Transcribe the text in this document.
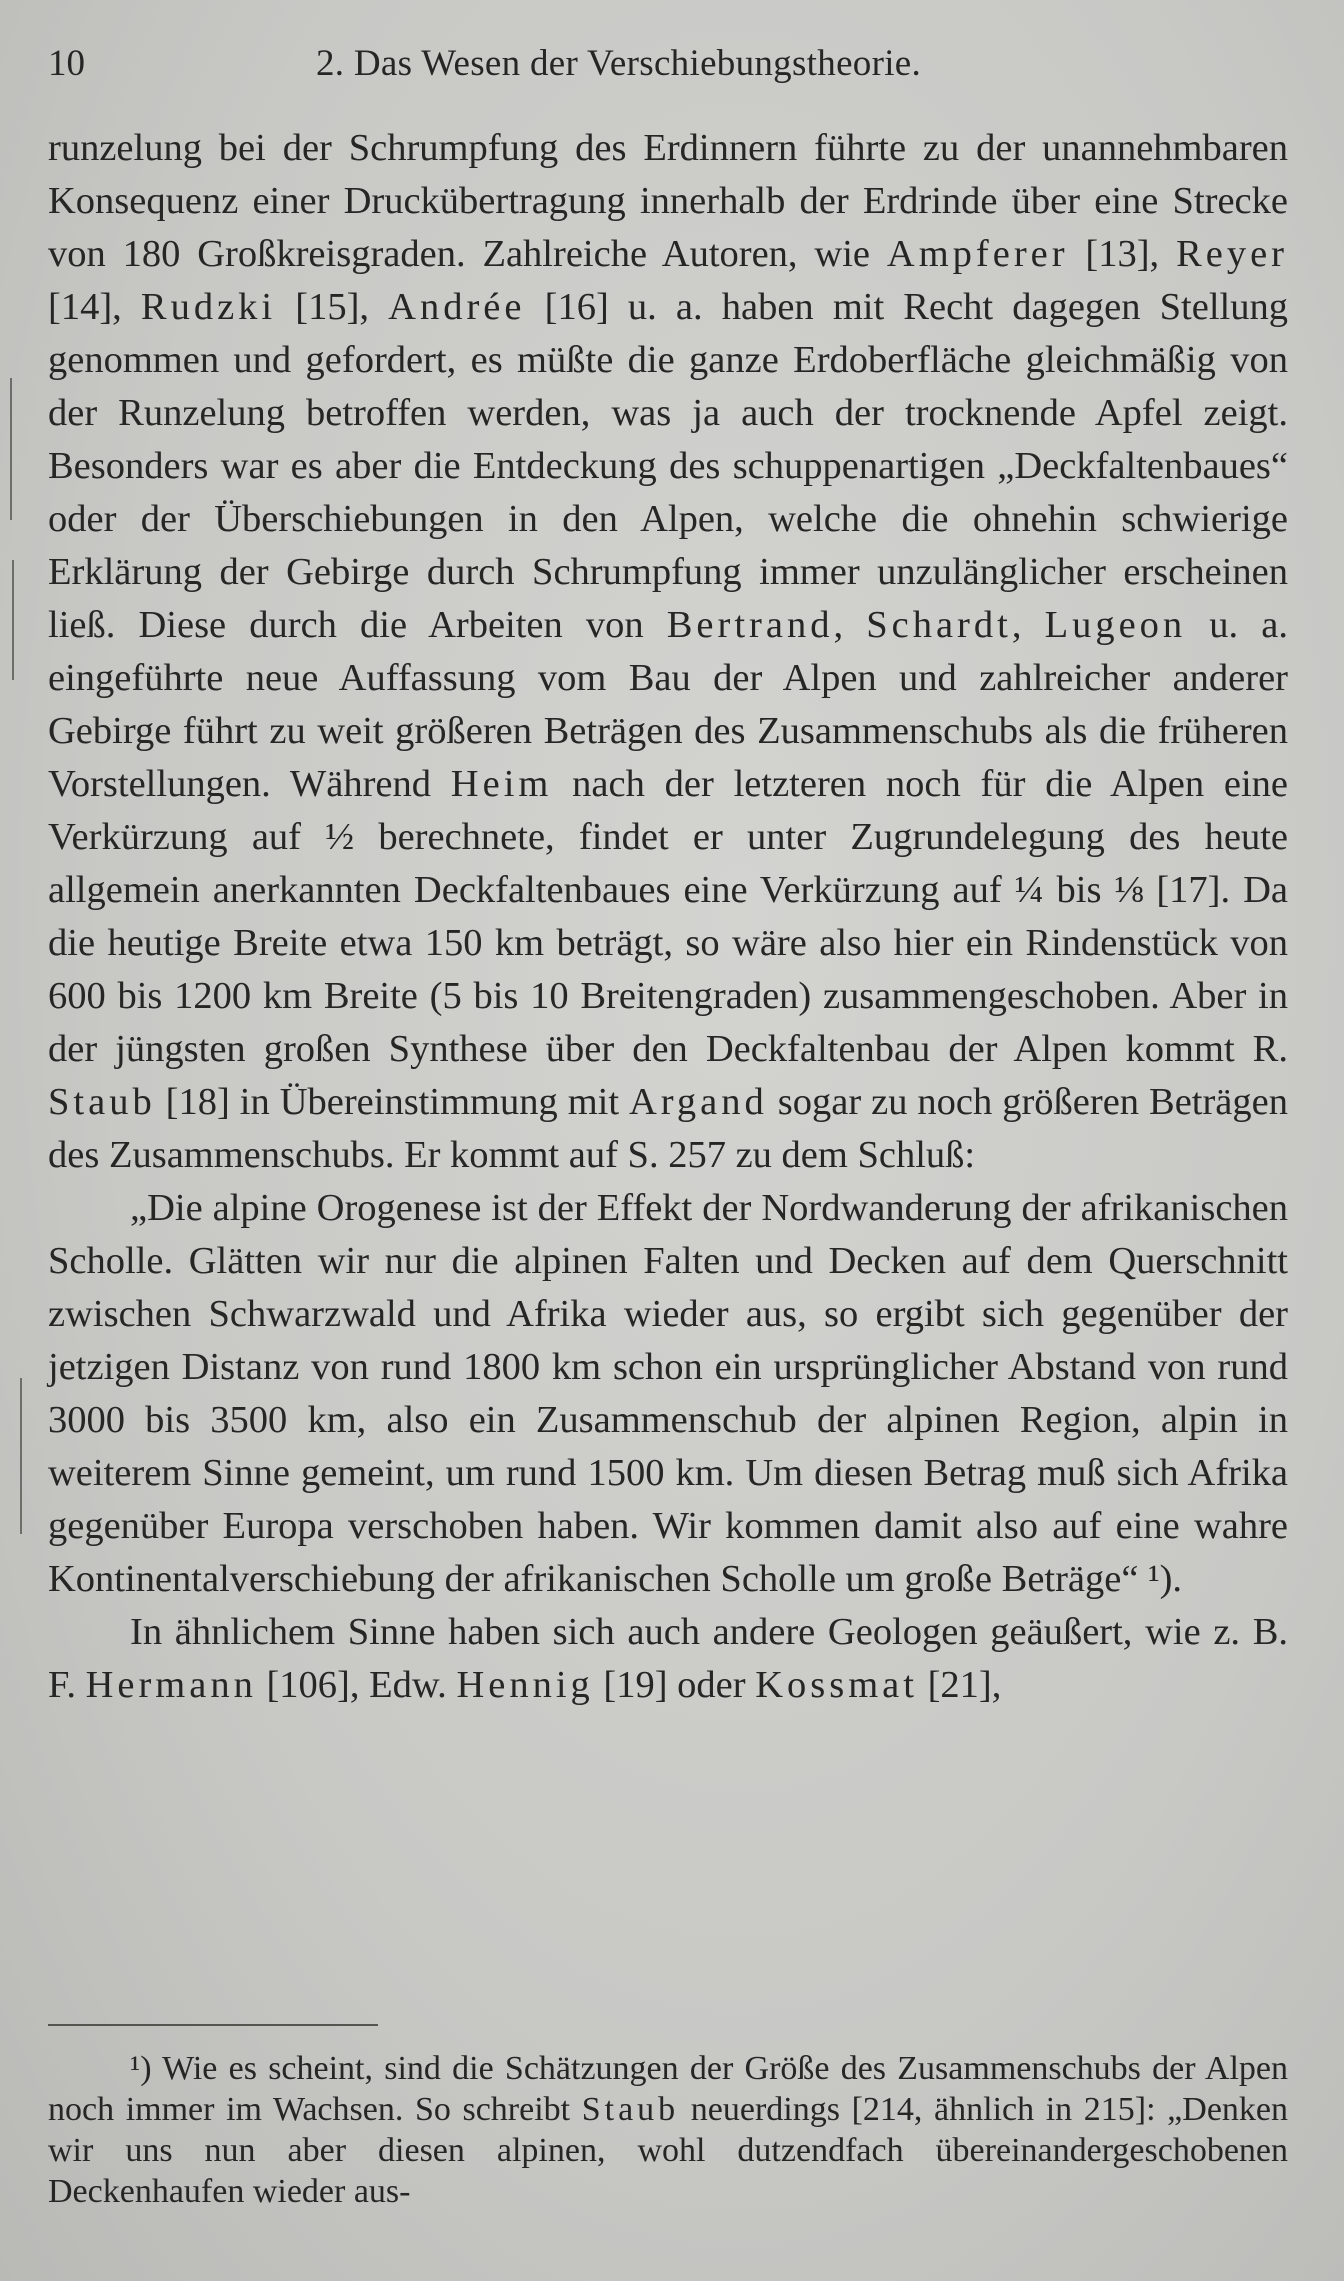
10	2. Das Wesen der Verschiebungstheorie.

runzelung bei der Schrumpfung des Erdinnern führte zu der unannehmbaren Konsequenz einer Druckübertragung innerhalb der Erdrinde über eine Strecke von 180 Großkreisgraden. Zahlreiche Autoren, wie Ampferer [13], Reyer [14], Rudzki [15], Andrée [16] u. a. haben mit Recht dagegen Stellung genommen und gefordert, es müßte die ganze Erdoberfläche gleichmäßig von der Runzelung betroffen werden, was ja auch der trocknende Apfel zeigt. Besonders war es aber die Entdeckung des schuppenartigen „Deckfaltenbaues“ oder der Überschiebungen in den Alpen, welche die ohnehin schwierige Erklärung der Gebirge durch Schrumpfung immer unzulänglicher erscheinen ließ. Diese durch die Arbeiten von Bertrand, Schardt, Lugeon u. a. eingeführte neue Auffassung vom Bau der Alpen und zahlreicher anderer Gebirge führt zu weit größeren Beträgen des Zusammenschubs als die früheren Vorstellungen. Während Heim nach der letzteren noch für die Alpen eine Verkürzung auf ½ berechnete, findet er unter Zugrundelegung des heute allgemein anerkannten Deckfaltenbaues eine Verkürzung auf ¼ bis ⅛ [17]. Da die heutige Breite etwa 150 km beträgt, so wäre also hier ein Rindenstück von 600 bis 1200 km Breite (5 bis 10 Breitengraden) zusammengeschoben. Aber in der jüngsten großen Synthese über den Deckfaltenbau der Alpen kommt R. Staub [18] in Übereinstimmung mit Argand sogar zu noch größeren Beträgen des Zusammenschubs. Er kommt auf S. 257 zu dem Schluß:

„Die alpine Orogenese ist der Effekt der Nordwanderung der afrikanischen Scholle. Glätten wir nur die alpinen Falten und Decken auf dem Querschnitt zwischen Schwarzwald und Afrika wieder aus, so ergibt sich gegenüber der jetzigen Distanz von rund 1800 km schon ein ursprünglicher Abstand von rund 3000 bis 3500 km, also ein Zusammenschub der alpinen Region, alpin in weiterem Sinne gemeint, um rund 1500 km. Um diesen Betrag muß sich Afrika gegenüber Europa verschoben haben. Wir kommen damit also auf eine wahre Kontinentalverschiebung der afrikanischen Scholle um große Beträge“ ¹).

In ähnlichem Sinne haben sich auch andere Geologen geäußert, wie z. B. F. Hermann [106], Edw. Hennig [19] oder Kossmat [21],

¹) Wie es scheint, sind die Schätzungen der Größe des Zusammenschubs der Alpen noch immer im Wachsen. So schreibt Staub neuerdings [214, ähnlich in 215]: „Denken wir uns nun aber diesen alpinen, wohl dutzendfach übereinandergeschobenen Deckenhaufen wieder aus-
